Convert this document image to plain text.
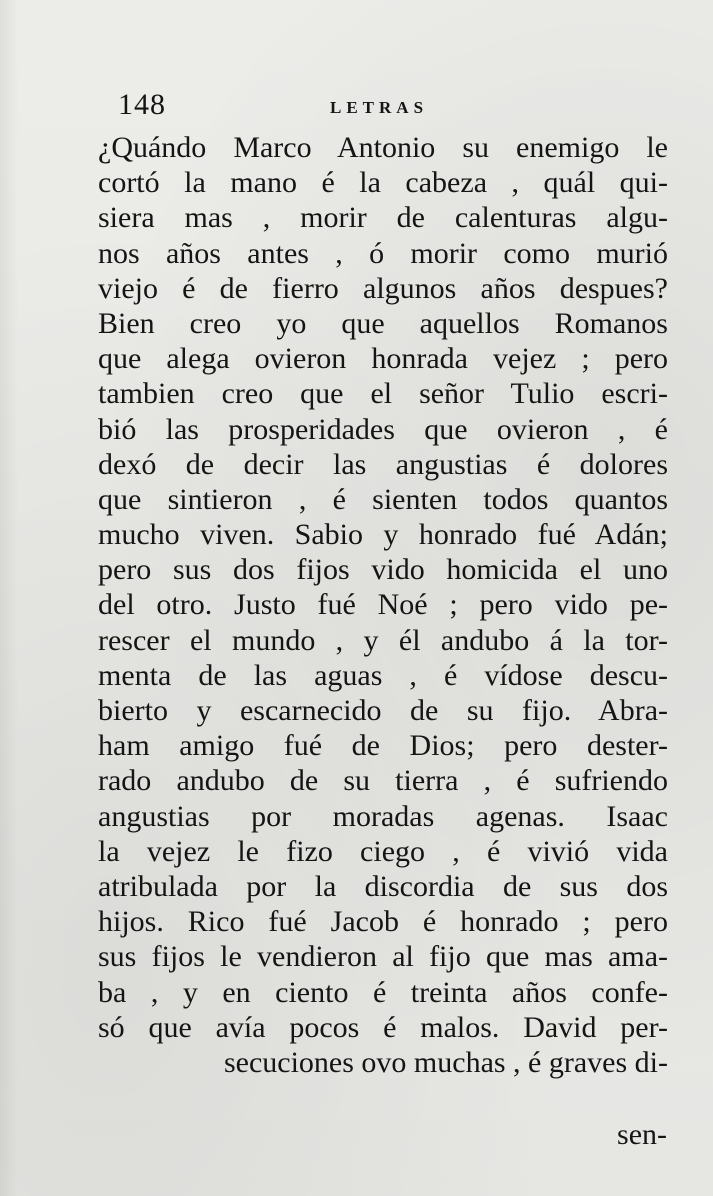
148	LETRAS
¿Quándo Marco Antonio su enemigo le
cortó la mano é la cabeza , quál qui-
siera mas , morir de calenturas algu-
nos años antes , ó morir como murió
viejo é de fierro algunos años despues?
Bien creo yo que aquellos Romanos
que alega ovieron honrada vejez ; pero
tambien creo que el señor Tulio escri-
bió las prosperidades que ovieron , é
dexó de decir las angustias é dolores
que sintieron , é sienten todos quantos
mucho viven. Sabio y honrado fué Adán;
pero sus dos fijos vido homicida el uno
del otro. Justo fué Noé ; pero vido pe-
rescer el mundo , y él andubo á la tor-
menta de las aguas , é vídose descu-
bierto y escarnecido de su fijo. Abra-
ham amigo fué de Dios; pero dester-
rado andubo de su tierra , é sufriendo
angustias por moradas agenas. Isaac
la vejez le fizo ciego , é vivió vida
atribulada por la discordia de sus dos
hijos. Rico fué Jacob é honrado ; pero
sus fijos le vendieron al fijo que mas ama-
ba , y en ciento é treinta años confe-
só que avía pocos é malos. David per-
secuciones ovo muchas , é graves di-
sen-
